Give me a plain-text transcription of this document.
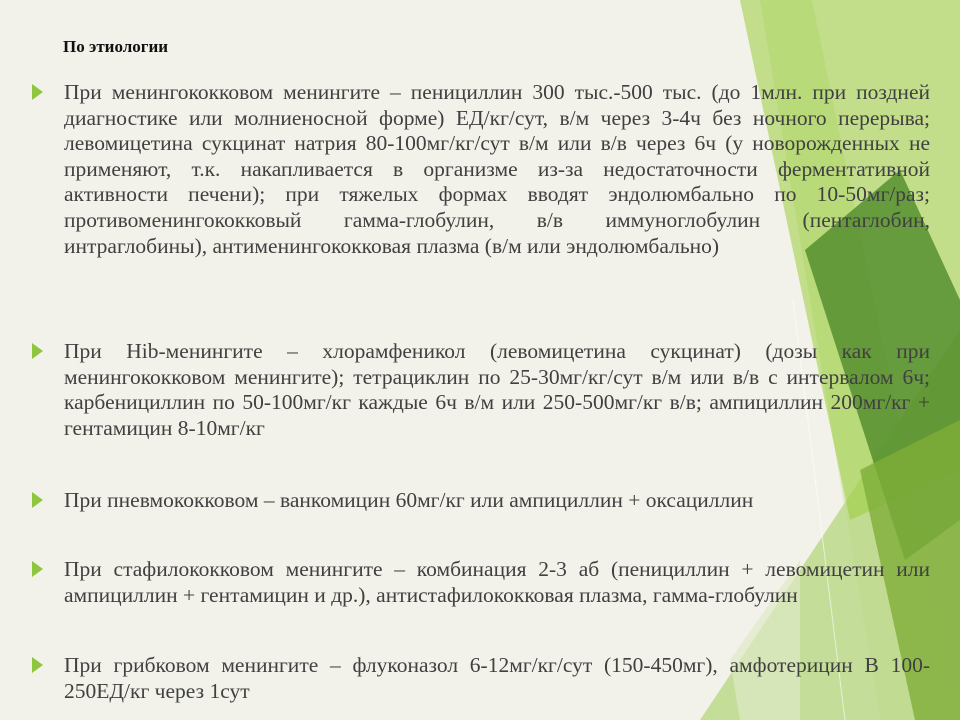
По этиологии

При менингококковом менингите – пенициллин 300 тыс.-500 тыс. (до 1млн. при поздней диагностике или молниеносной форме) ЕД/кг/сут, в/м через 3-4ч без ночного перерыва; левомицетина сукцинат натрия 80-100мг/кг/сут в/м или в/в через 6ч (у новорожденных не применяют, т.к. накапливается в организме из-за недостаточности ферментативной активности печени); при тяжелых формах вводят эндолюмбально по 10-50мг/раз; противоменингококковый гамма-глобулин, в/в иммуноглобулин (пентаглобин, интраглобины), антименингококковая плазма (в/м или эндолюмбально)

При Hib-менингите – хлорамфеникол (левомицетина сукцинат) (дозы как при менингококковом менингите); тетрациклин по 25-30мг/кг/сут в/м или в/в с интервалом 6ч; карбенициллин по 50-100мг/кг каждые 6ч в/м или 250-500мг/кг в/в; ампициллин 200мг/кг + гентамицин 8-10мг/кг

При пневмококковом – ванкомицин 60мг/кг или ампициллин + оксациллин

При стафилококковом менингите – комбинация 2-3 аб (пенициллин + левомицетин или ампициллин + гентамицин и др.), антистафилококковая плазма, гамма-глобулин

При грибковом менингите – флуконазол 6-12мг/кг/сут (150-450мг), амфотерицин В 100-250ЕД/кг через 1сут
